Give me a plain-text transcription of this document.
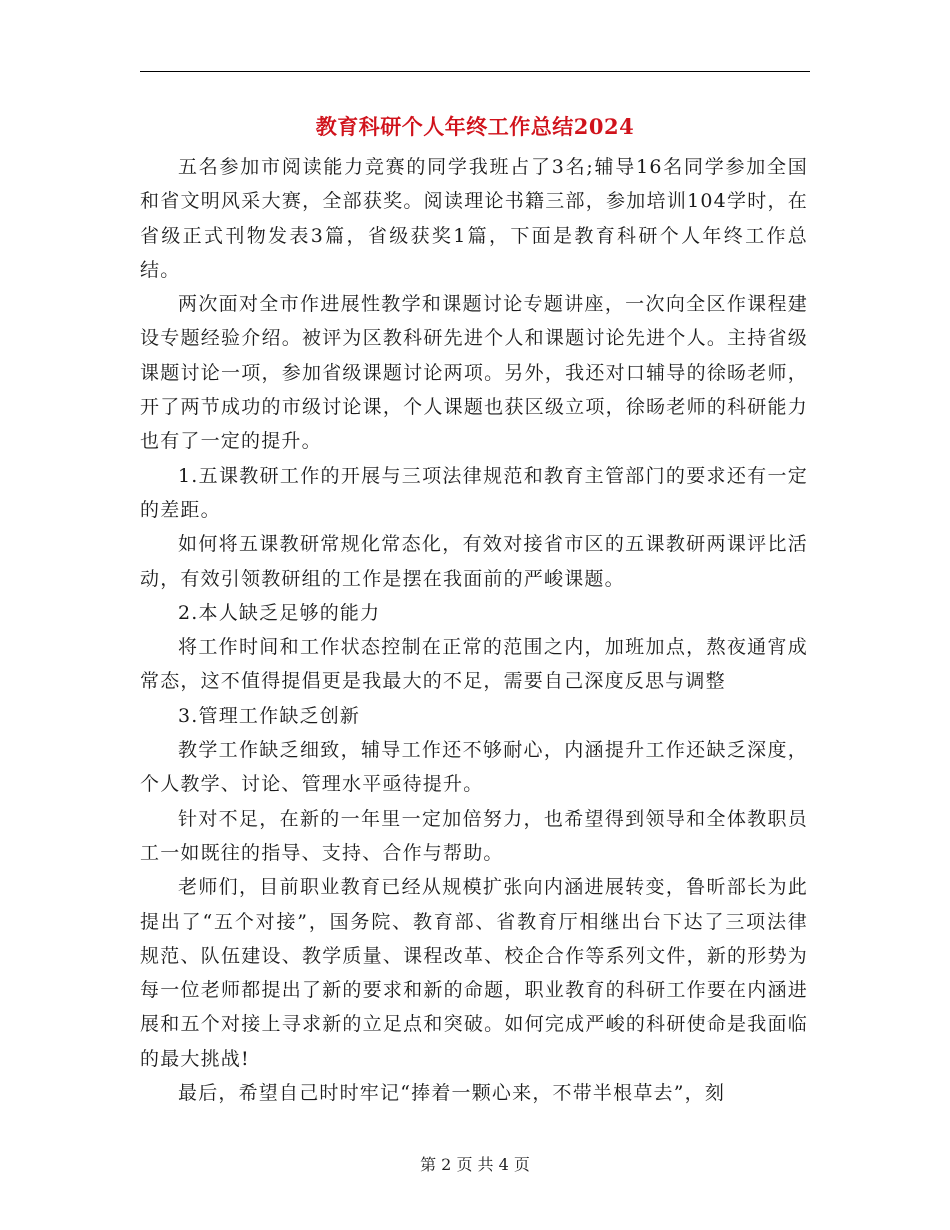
教育科研个人年终工作总结2024

五名参加市阅读能力竞赛的同学我班占了3名;辅导16名同学参加全国和省文明风采大赛，全部获奖。阅读理论书籍三部，参加培训104学时，在省级正式刊物发表3篇，省级获奖1篇，下面是教育科研个人年终工作总结。

两次面对全市作进展性教学和课题讨论专题讲座，一次向全区作课程建设专题经验介绍。被评为区教科研先进个人和课题讨论先进个人。主持省级课题讨论一项，参加省级课题讨论两项。另外，我还对口辅导的徐旸老师，开了两节成功的市级讨论课，个人课题也获区级立项，徐旸老师的科研能力也有了一定的提升。

1.五课教研工作的开展与三项法律规范和教育主管部门的要求还有一定的差距。

如何将五课教研常规化常态化，有效对接省市区的五课教研两课评比活动，有效引领教研组的工作是摆在我面前的严峻课题。

2.本人缺乏足够的能力

将工作时间和工作状态控制在正常的范围之内，加班加点，熬夜通宵成常态，这不值得提倡更是我最大的不足，需要自己深度反思与调整

3.管理工作缺乏创新

教学工作缺乏细致，辅导工作还不够耐心，内涵提升工作还缺乏深度，个人教学、讨论、管理水平亟待提升。

针对不足，在新的一年里一定加倍努力，也希望得到领导和全体教职员工一如既往的指导、支持、合作与帮助。

老师们，目前职业教育已经从规模扩张向内涵进展转变，鲁昕部长为此提出了“五个对接”，国务院、教育部、省教育厅相继出台下达了三项法律规范、队伍建设、教学质量、课程改革、校企合作等系列文件，新的形势为每一位老师都提出了新的要求和新的命题，职业教育的科研工作要在内涵进展和五个对接上寻求新的立足点和突破。如何完成严峻的科研使命是我面临的最大挑战!

最后，希望自己时时牢记“捧着一颗心来，不带半根草去”，刻

第 2 页 共 4 页
